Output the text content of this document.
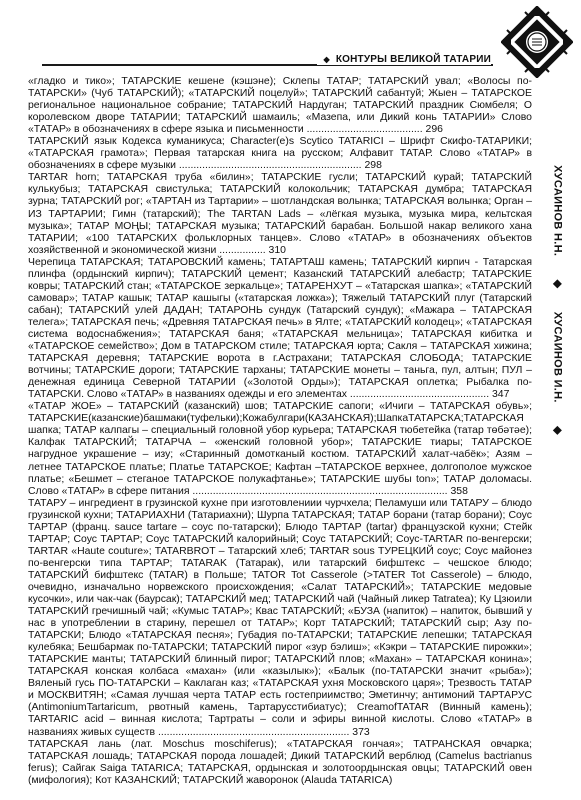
◆ КОНТУРЫ ВЕЛИКОЙ ТАТАРИИ
ХУСАИНОВ Н.Н. ◆ ХУСАИНОВ И.Н. ◆

«гладко и тико»; ТАТАРСКИЕ кешене (кэшэне); Склепы ТАТАР; ТАТАРСКИЙ увал; «Волосы по-ТАТАРСКИ» (Чуб ТАТАРСКИЙ); «ТАТАРСКИЙ поцелуй»; ТАТАРСКИЙ сабантуй; Жыен – ТАТАРСКОЕ региональное национальное собрание; ТАТАРСКИЙ Нардуган; ТАТАРСКИЙ праздник Сюмбеля; О королевском дворе ТАТАРИИ; ТАТАРСКИЙ шамаиль; «Мазепа, или Дикий конь ТАТАРИИ» Слово «ТАТАР» в обозначениях в сфере языка и письменности ........................................ 296

ТАТАРСКИЙ язык Кодекса куманикуса; Character(e)s Scytico TATARICI – Шрифт Скифо-ТАТАРИКИ; «ТАТАРСКАЯ грамота»; Первая татарская книга на русском; Алфавит ТАТАР. Слово «ТАТАР» в обозначениях в сфере музыки ............................................................... 298

TARTAR horn; ТАТАРСКАЯ труба «билин»; ТАТАРСКИЕ гусли; ТАТАРСКИЙ курай; ТАТАРСКИЙ кулькубыз; ТАТАРСКАЯ свистулька; ТАТАРСКИЙ колокольчик; ТАТАРСКАЯ думбра; ТАТАРСКАЯ зурна; ТАТАРСКИЙ рог; «ТАРТАН из Тартарии» – шотландская волынка; ТАТАРСКАЯ волынка; Орган – ИЗ ТАРТАРИИ; Гимн (татарский); The TARTAN Lads – «лёгкая музыка, музыка мира, кельтская музыка»; ТАТАР МОҢЫ; ТАТАРСКАЯ музыка; ТАТАРСКИЙ барабан. Большой накар великого хана ТАТАРИИ; «100 ТАТАРСКИХ фольклорных танцев». Слово «ТАТАР» в обозначениях объектов хозяйственной и экономической жизни ................ 310

Черепица ТАТАРСКАЯ; ТАТАРОВСКИЙ камень; ТАТАРТАШ камень; ТАТАРСКИЙ кирпич - Татарская плинфа (ордынский кирпич); ТАТАРСКИЙ цемент; Казанский ТАТАРСКИЙ алебастр; ТАТАРСКИЕ ковры; ТАТАРСКИЙ стан; «ТАТАРСКОЕ зеркальце»; ТАТАРЕНХУТ – «Татарская шапка»; «ТАТАРСКИЙ самовар»; ТАТАР кашык; ТАТАР кашыгы («татарская ложка»); Тяжелый ТАТАРСКИЙ плуг (Татарский сабан); ТАТАРСКИЙ улей ДАДАН; ТАТАРОНЬ сундук (Татарский сундук); «Мажара – ТАТАРСКАЯ телега»; ТАТАРСКАЯ печь; «Древняя ТАТАРСКАЯ печь» в Ялте; «ТАТАРСКИЙ колодец»; «ТАТАРСКАЯ система водоснабжения»; ТАТАРСКАЯ баня; «ТАТАРСКАЯ мельница»; ТАТАРСКАЯ кибитка и «ТАТАРСКОЕ семейство»; Дом в ТАТАРСКОМ стиле; ТАТАРСКАЯ юрта; Сакля – ТАТАРСКАЯ хижина; ТАТАРСКАЯ деревня; ТАТАРСКИЕ ворота в г.Астрахани; ТАТАРСКАЯ СЛОБОДА; ТАТАРСКИЕ вотчины; ТАТАРСКИЕ дороги; ТАТАРСКИЕ тарханы; ТАТАРСКИЕ монеты – таньга, пул, алтын; ПУЛ – денежная единица Северной ТАТАРИИ («Золотой Орды»); ТАТАРСКАЯ оплетка; Рыбалка по-ТАТАРСКИ. Слово «ТАТАР» в названиях одежды и его элементах ................................................ 347

«ТАТАР ЖОЕ» – ТАТАРСКИЙ (казанский) шов; ТАТАРСКИЕ сапоги; «Ичиги – ТАТАРСКАЯ обувь»; ТАТАРСКИЕ(казанские)башмаки(туфельки);Кожабулгари(КАЗАНСКАЯ);ШапкаТАТАРСКА;ТАТАРСКАЯ шапка; ТАТАР калпагы – специальный головной убор курьера; ТАТАРСКАЯ тюбетейка (татар төбәтәе); Калфак ТАТАРСКИЙ; ТАТАРЧА – «женский головной убор»; ТАТАРСКИЕ тиары; ТАТАРСКОЕ нагрудное украшение – изу; «Старинный домотканый костюм. ТАТАРСКИЙ халат-чабёк»; Азям – летнее ТАТАРСКОЕ платье; Платье ТАТАРСКОЕ; Кафтан –ТАТАРСКОЕ верхнее, долгополое мужское платье; «Бешмет – стеганое ТАТАРСКОЕ полукафтанье»; ТАТАРСКИЕ шубы ton»; ТАТАР доломасы. Слово «ТАТАР» в сфере питания ........................................................................................ 358

ТАТАРУ – ингредиент в грузинской кухне при изготовлениии чурчхела; Пеламуши или ТАТАРУ – блюдо грузинской кухни; ТАТАРИАХНИ (Татариахни); Шурпа ТАТАРСКАЯ; ТАТАР борани (татар борани); Соус ТАРТАР (франц. sauce tartare – соус по-татарски); Блюдо ТАРТАР (tartar) французской кухни; Стейк ТАРТАР; Соус ТАРТАР; Соус ТАТАРСКИЙ калорийный; Соус ТАТАРСКИЙ; Соус-TARTAR по-венгерски; TARTAR «Haute couture»; TATARBROT – Татарский хлеб; TARTAR sous ТУРЕЦКИЙ соус; Соус майонез по-венгерски типа ТАРТАР; TATARAK (Татарак), или татарский бифштекс – чешское блюдо; ТАТАРСКИЙ бифштекс (TATAR) в Польше; TATOR Tot Casserole (>TATER Tot Casserole) – блюдо, очевидно, изначально норвежского происхождения; «Салат ТАТАРСКИЙ»; ТАТАРСКИЕ медовые кусочки», или чак-чак (баурсак); ТАТАРСКИЙ мед; ТАТАРСКИЙ чай (Чайный ликер Tatratea); Ку Цзюили ТАТАРСКИЙ гречишный чай; «Кумыс ТАТАР»; Квас ТАТАРСКИЙ; «БУЗА (напиток) – напиток, бывший у нас в употреблении в старину, перешел от ТАТАР»; Корт ТАТАРСКИЙ; ТАТАРСКИЙ сыр; Азу по-ТАТАРСКИ; Блюдо «ТАТАРСКАЯ песня»; Губадия по-ТАТАРСКИ; ТАТАРСКИЕ лепешки; ТАТАРСКАЯ кулебяка; Бешбармак по-ТАТАРСКИ; ТАТАРСКИЙ пирог «зур бэлиш»; «Кэкри – ТАТАРСКИЕ пирожки»; ТАТАРСКИЕ манты; ТАТАРСКИЙ блинный пирог; ТАТАРСКИЙ плов; «Махан» – ТАТАРСКАЯ конина»; ТАТАРСКАЯ конская колбаса «махан» (или «казылык»); «Балык (по-ТАТАРСКИ значит «рыба»); Вяленый гусь ПО-ТАТАРСКИ – Каклаган каз; «ТАТАРСКАЯ ухня Московского царя»; Трезвость ТАТАР и МОСКВИТЯН; «Самая лучшая черта ТАТАР есть гостеприимство; Эметинчу; антимоний ТАРТАРУС (AntimoniumTartaricum, рвотный камень, Тартарусстибиатус); CreamofTATAR (Винный камень); TARTARIC acid – винная кислота; Тартраты – соли и эфиры винной кислоты. Слово «ТАТАР» в названиях живых существ .................................................................. 373

ТАТАРСКАЯ лань (лат. Moschus moschiferus); «ТАТАРСКАЯ гончая»; ТАТРАНСКАЯ овчарка; ТАТАРСКАЯ лошадь; ТАТАРСКАЯ порода лошадей; Дикий ТАТАРСКИЙ верблюд (Camelus bactrianus ferus); Сайгак Saiga TATARICA; ТАТАРСКАЯ, ордынская и золотоордынская овцы; ТАТАРСКИЙ овен (мифология); Кот КАЗАНСКИЙ; ТАТАРСКИЙ жаворонок (Alauda TATARICA)
